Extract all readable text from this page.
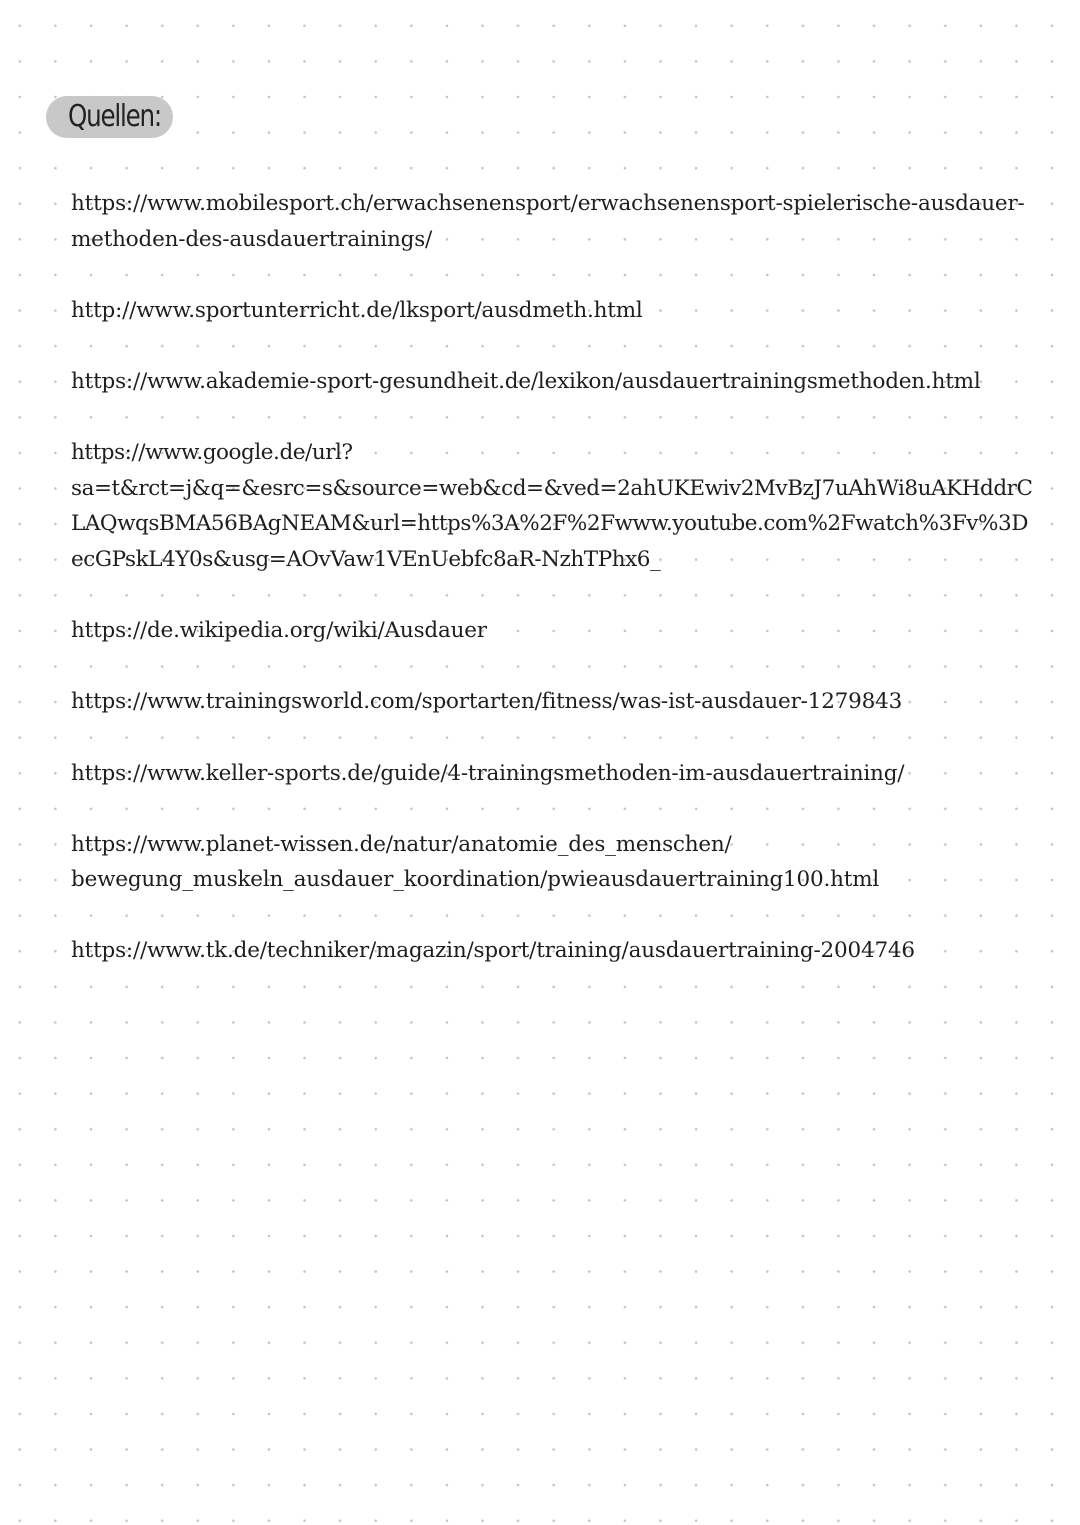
Quellen:
https://www.mobilesport.ch/erwachsenensport/erwachsenensport-spielerische-ausdauer-
methoden-des-ausdauertrainings/
http://www.sportunterricht.de/lksport/ausdmeth.html
https://www.akademie-sport-gesundheit.de/lexikon/ausdauertrainingsmethoden.html
https://www.google.de/url?
sa=t&rct=j&q=&esrc=s&source=web&cd=&ved=2ahUKEwiv2MvBzJ7uAhWi8uAKHddrC
LAQwqsBMA56BAgNEAM&url=https%3A%2F%2Fwww.youtube.com%2Fwatch%3Fv%3D
ecGPskL4Y0s&usg=AOvVaw1VEnUebfc8aR-NzhTPhx6_
https://de.wikipedia.org/wiki/Ausdauer
https://www.trainingsworld.com/sportarten/fitness/was-ist-ausdauer-1279843
https://www.keller-sports.de/guide/4-trainingsmethoden-im-ausdauertraining/
https://www.planet-wissen.de/natur/anatomie_des_menschen/
bewegung_muskeln_ausdauer_koordination/pwieausdauertraining100.html
https://www.tk.de/techniker/magazin/sport/training/ausdauertraining-2004746
